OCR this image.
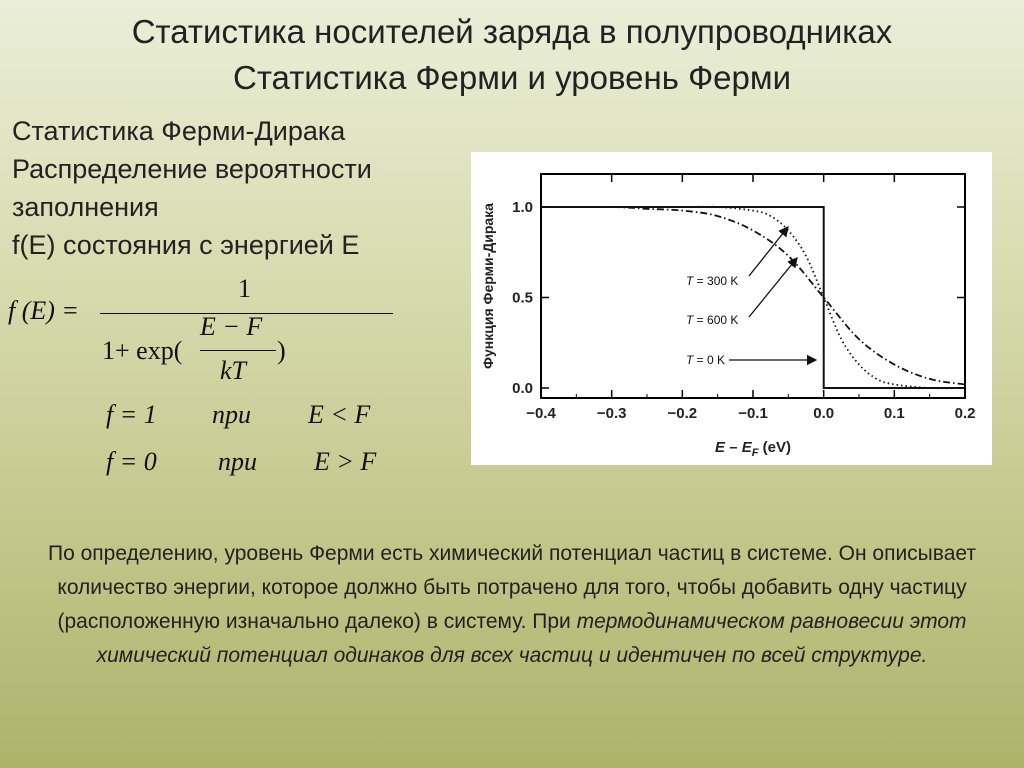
Статистика носителей заряда в полупроводниках
Статистика Ферми и уровень Ферми
Статистика Ферми-Дирака
Распределение вероятности
заполнения
f(E) состояния с энергией E
f (E) =
1
1+ exp(
E − F
kT
)
f = 1 при E < F
f = 0 при E > F
−0.4	−0.3	−0.2	−0.1	0.0	0.1	0.2
0.0
0.5
1.0
T = 300 K
T = 600 K
T = 0 K
Функция Ферми-Дирака
E – $E_F$ (eV)
По определению, уровень Ферми есть химический потенциал частиц в системе. Он описывает количество энергии, которое должно быть потрачено для того, чтобы добавить одну частицу (расположенную изначально далеко) в систему. При термодинамическом равновесии этот химический потенциал одинаков для всех частиц и идентичен по всей структуре.
